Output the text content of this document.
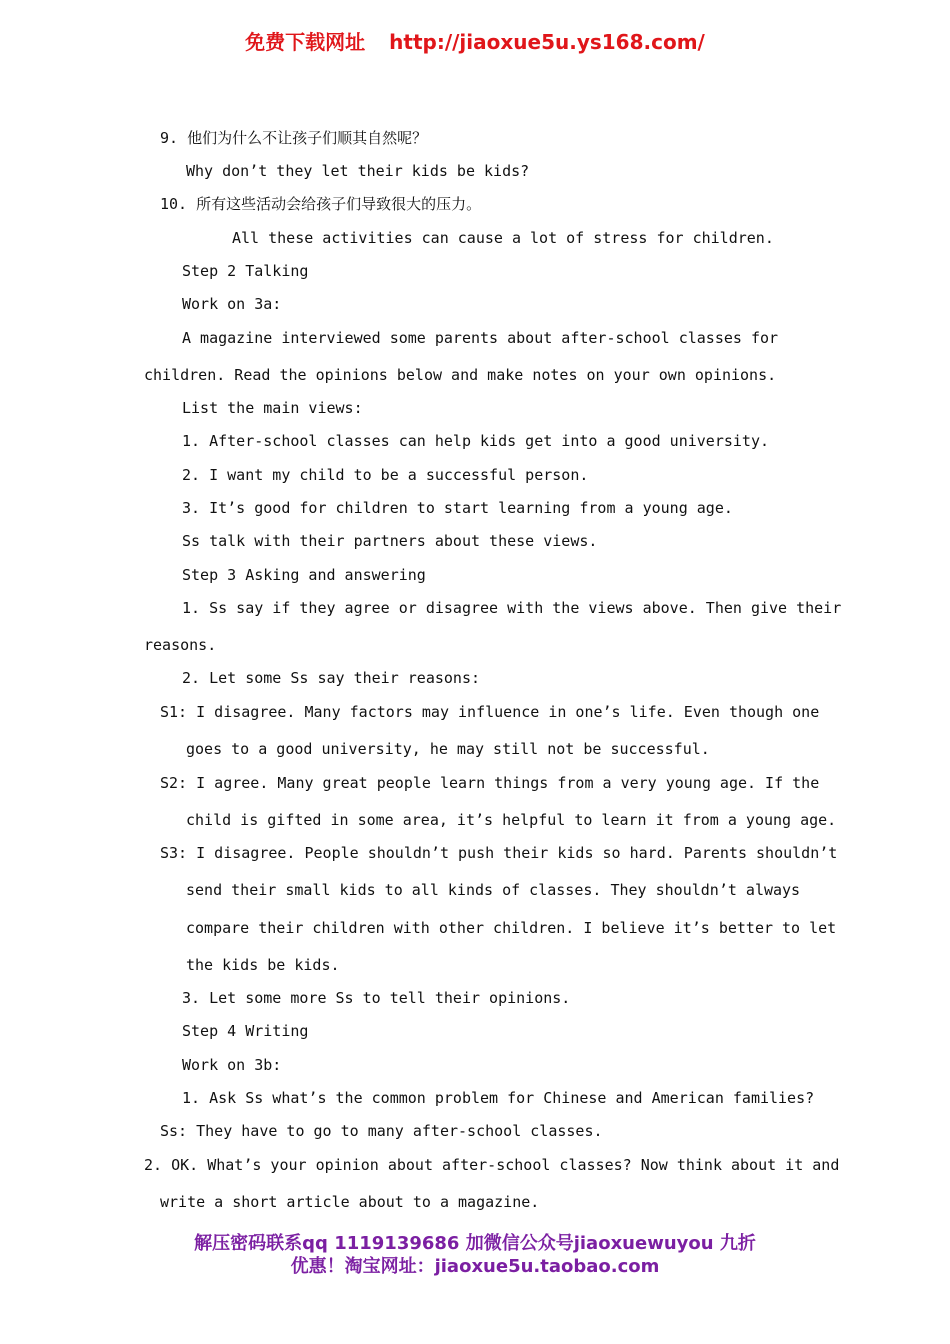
免费下载网址 http://jiaoxue5u.ys168.com/
9. 他们为什么不让孩子们顺其自然呢？
Why don’t they let their kids be kids?
10. 所有这些活动会给孩子们导致很大的压力。
All these activities can cause a lot of stress for children.
Step 2 Talking
Work on 3a:
A magazine interviewed some parents about after-school classes for
children. Read the opinions below and make notes on your own opinions.
List the main views:
1. After-school classes can help kids get into a good university.
2. I want my child to be a successful person.
3. It’s good for children to start learning from a young age.
Ss talk with their partners about these views.
Step 3 Asking and answering
1. Ss say if they agree or disagree with the views above. Then give their
reasons.
2. Let some Ss say their reasons:
S1: I disagree. Many factors may influence in one’s life. Even though one
goes to a good university, he may still not be successful.
S2: I agree. Many great people learn things from a very young age. If the
child is gifted in some area, it’s helpful to learn it from a young age.
S3: I disagree. People shouldn’t push their kids so hard. Parents shouldn’t
send their small kids to all kinds of classes. They shouldn’t always
compare their children with other children. I believe it’s better to let
the kids be kids.
3. Let some more Ss to tell their opinions.
Step 4 Writing
Work on 3b:
1. Ask Ss what’s the common problem for Chinese and American families?
Ss: They have to go to many after-school classes.
2. OK. What’s your opinion about after-school classes? Now think about it and
write a short article about to a magazine.
解压密码联系qq 1119139686 加微信公众号jiaoxuewuyou 九折
优惠！淘宝网址：jiaoxue5u.taobao.com
